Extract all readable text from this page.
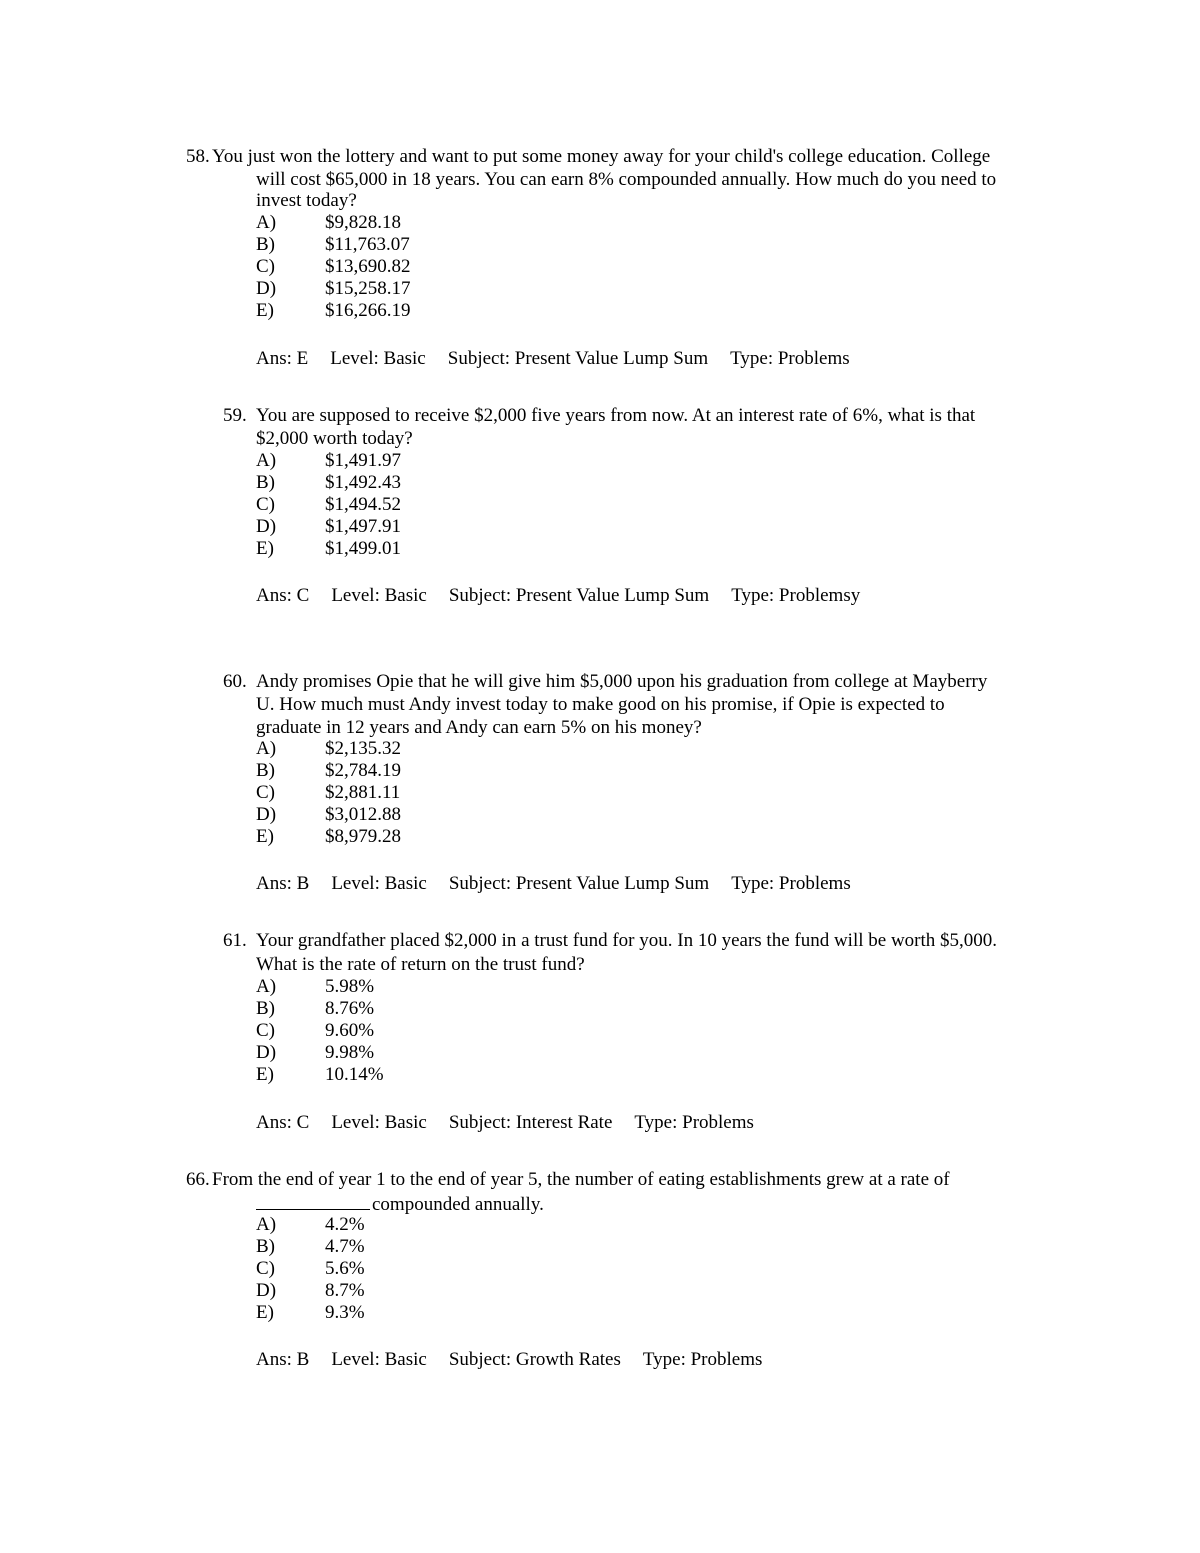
58. You just won the lottery and want to put some money away for your child's college education. College
will cost $65,000 in 18 years. You can earn 8% compounded annually. How much do you need to
invest today?
A)	$9,828.18
B)	$11,763.07
C)	$13,690.82
D)	$15,258.17
E)	$16,266.19
Ans: E Level: Basic Subject: Present Value Lump Sum Type: Problems
59. You are supposed to receive $2,000 five years from now. At an interest rate of 6%, what is that
$2,000 worth today?
A)	$1,491.97
B)	$1,492.43
C)	$1,494.52
D)	$1,497.91
E)	$1,499.01
Ans: C Level: Basic Subject: Present Value Lump Sum Type: Problemsy
60. Andy promises Opie that he will give him $5,000 upon his graduation from college at Mayberry
U. How much must Andy invest today to make good on his promise, if Opie is expected to
graduate in 12 years and Andy can earn 5% on his money?
A)	$2,135.32
B)	$2,784.19
C)	$2,881.11
D)	$3,012.88
E)	$8,979.28
Ans: B Level: Basic Subject: Present Value Lump Sum Type: Problems
61. Your grandfather placed $2,000 in a trust fund for you. In 10 years the fund will be worth $5,000.
What is the rate of return on the trust fund?
A)	5.98%
B)	8.76%
C)	9.60%
D)	9.98%
E)	10.14%
Ans: C Level: Basic Subject: Interest Rate Type: Problems
66. From the end of year 1 to the end of year 5, the number of eating establishments grew at a rate of
compounded annually.
A)	4.2%
B)	4.7%
C)	5.6%
D)	8.7%
E)	9.3%
Ans: B Level: Basic Subject: Growth Rates Type: Problems
